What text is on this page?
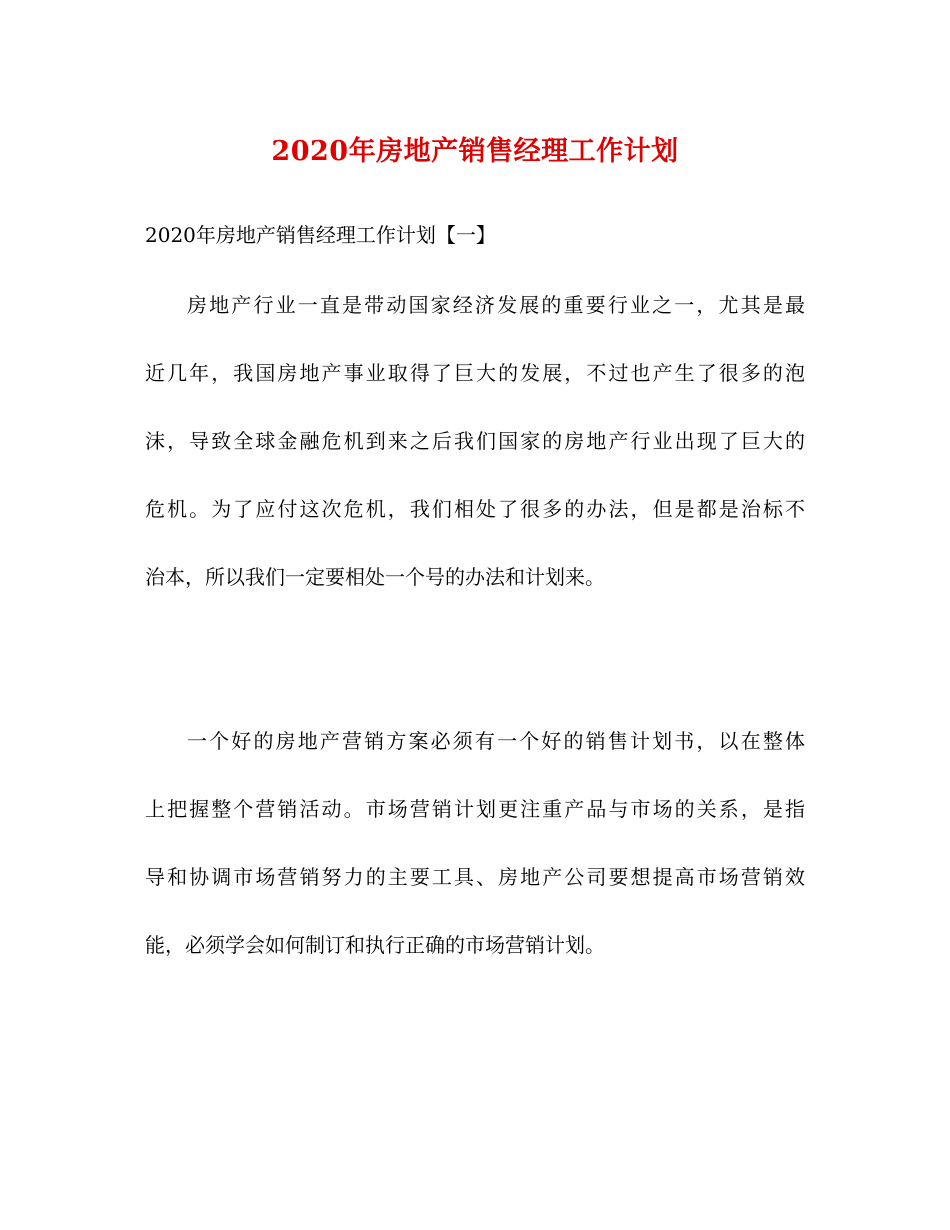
2020年房地产销售经理工作计划
2020年房地产销售经理工作计划【一】
房地产行业一直是带动国家经济发展的重要行业之一，尤其是最
近几年，我国房地产事业取得了巨大的发展，不过也产生了很多的泡
沫，导致全球金融危机到来之后我们国家的房地产行业出现了巨大的
危机。为了应付这次危机，我们相处了很多的办法，但是都是治标不
治本，所以我们一定要相处一个号的办法和计划来。
一个好的房地产营销方案必须有一个好的销售计划书，以在整体
上把握整个营销活动。市场营销计划更注重产品与市场的关系，是指
导和协调市场营销努力的主要工具、房地产公司要想提高市场营销效
能，必须学会如何制订和执行正确的市场营销计划。
